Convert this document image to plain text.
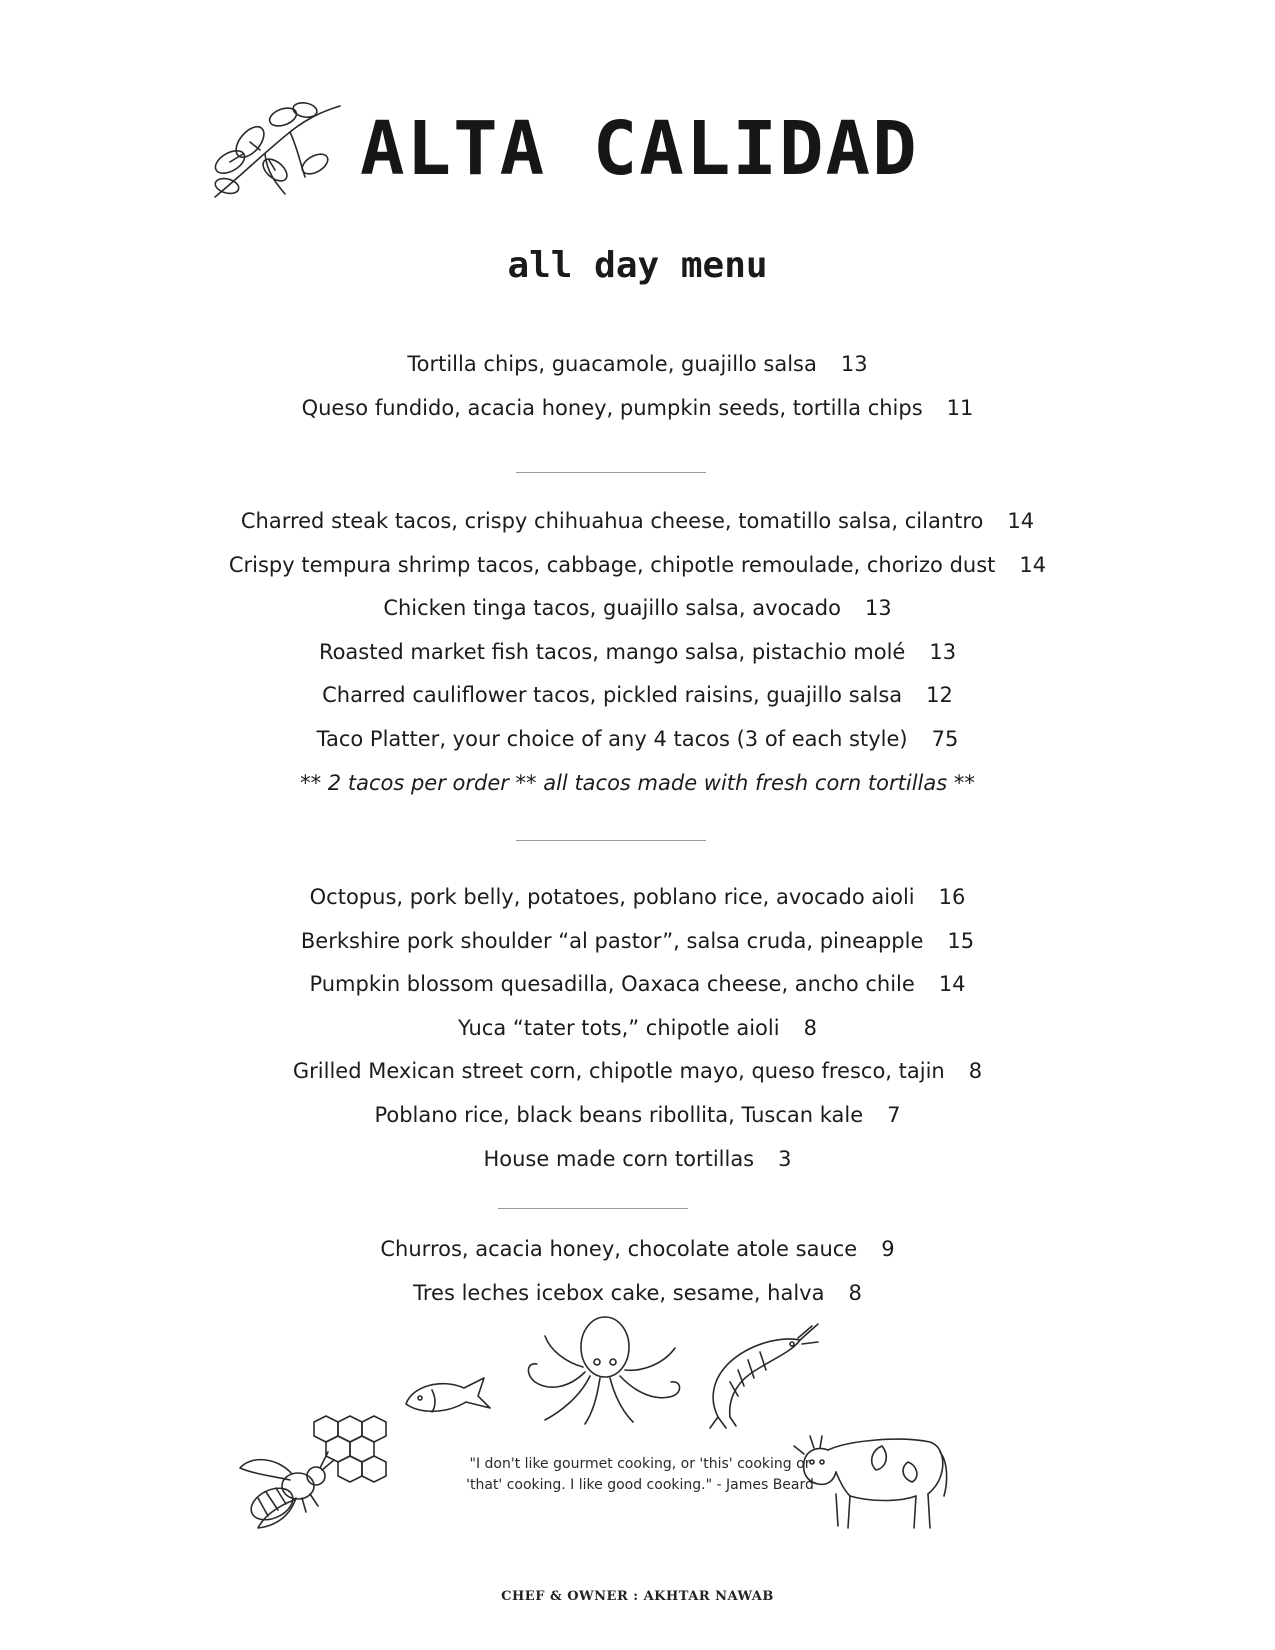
ALTA CALIDAD
all day menu
Tortilla chips, guacamole, guajillo salsa 13
Queso fundido, acacia honey, pumpkin seeds, tortilla chips 11
Charred steak tacos, crispy chihuahua cheese, tomatillo salsa, cilantro 14
Crispy tempura shrimp tacos, cabbage, chipotle remoulade, chorizo dust 14
Chicken tinga tacos, guajillo salsa, avocado 13
Roasted market fish tacos, mango salsa, pistachio molé 13
Charred cauliflower tacos, pickled raisins, guajillo salsa 12
Taco Platter, your choice of any 4 tacos (3 of each style) 75
** 2 tacos per order ** all tacos made with fresh corn tortillas **
Octopus, pork belly, potatoes, poblano rice, avocado aioli 16
Berkshire pork shoulder “al pastor”, salsa cruda, pineapple 15
Pumpkin blossom quesadilla, Oaxaca cheese, ancho chile 14
Yuca “tater tots,” chipotle aioli 8
Grilled Mexican street corn, chipotle mayo, queso fresco, tajin 8
Poblano rice, black beans ribollita, Tuscan kale 7
House made corn tortillas 3
Churros, acacia honey, chocolate atole sauce 9
Tres leches icebox cake, sesame, halva 8
"I don't like gourmet cooking, or 'this' cooking or
'that' cooking. I like good cooking." - James Beard
CHEF & OWNER : AKHTAR NAWAB
